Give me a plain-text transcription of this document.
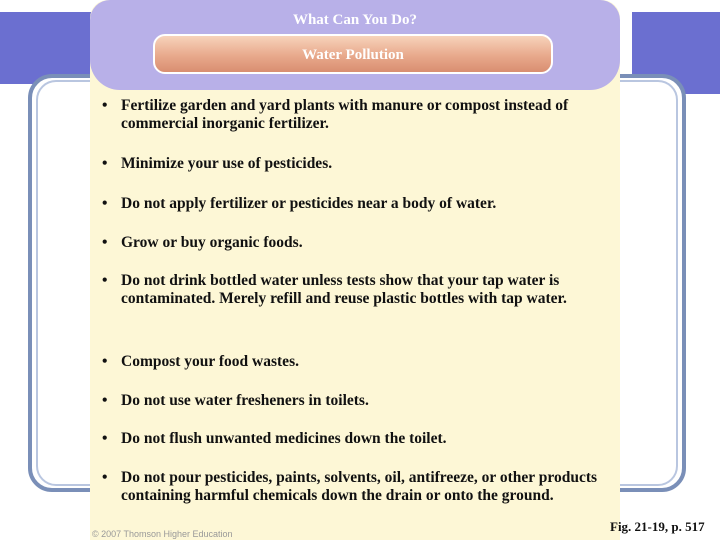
What Can You Do?
Water Pollution
• Fertilize garden and yard plants with manure or compost instead of commercial inorganic fertilizer.
• Minimize your use of pesticides.
• Do not apply fertilizer or pesticides near a body of water.
• Grow or buy organic foods.
• Do not drink bottled water unless tests show that your tap water is contaminated. Merely refill and reuse plastic bottles with tap water.
• Compost your food wastes.
• Do not use water fresheners in toilets.
• Do not flush unwanted medicines down the toilet.
• Do not pour pesticides, paints, solvents, oil, antifreeze, or other products containing harmful chemicals down the drain or onto the ground.
© 2007 Thomson Higher Education	Fig. 21-19, p. 517
